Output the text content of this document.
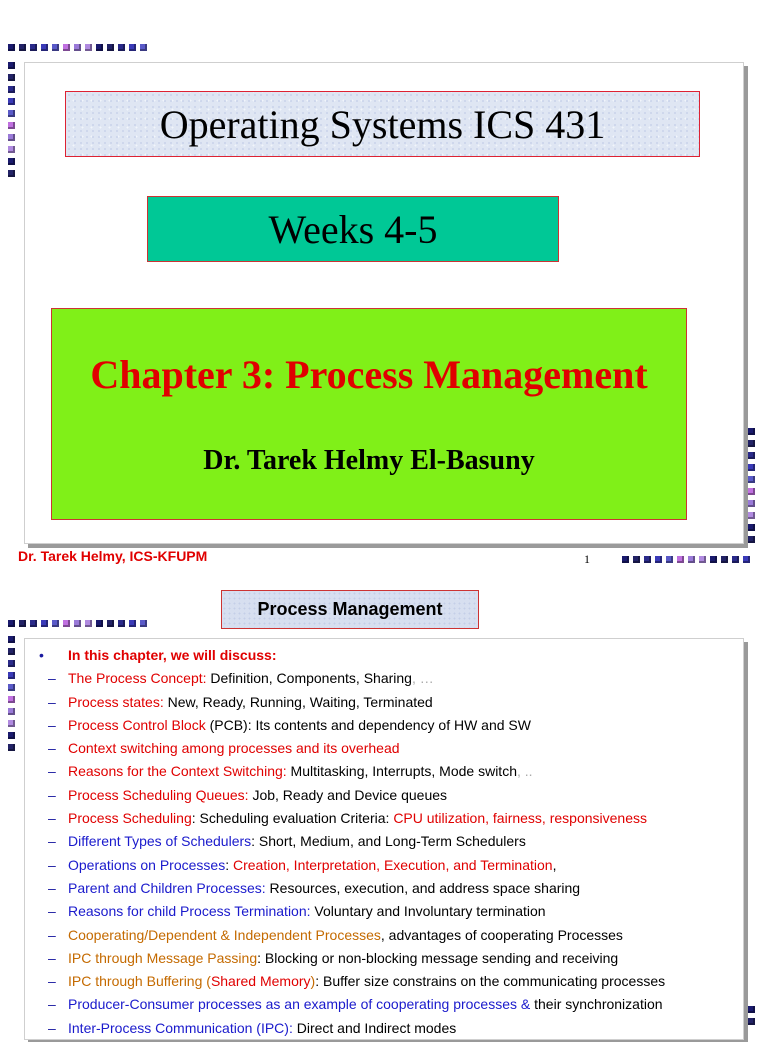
Operating Systems ICS 431
Weeks 4-5
Chapter 3: Process Management
Dr. Tarek Helmy El-Basuny
Dr. Tarek Helmy, ICS-KFUPM	1
Process Management
• In this chapter, we will discuss:
– The Process Concept: Definition, Components, Sharing, …
– Process states: New, Ready, Running, Waiting, Terminated
– Process Control Block (PCB): Its contents and dependency of HW and SW
– Context switching among processes and its overhead
– Reasons for the Context Switching: Multitasking, Interrupts, Mode switch, ..
– Process Scheduling Queues: Job, Ready and Device queues
– Process Scheduling: Scheduling evaluation Criteria: CPU utilization, fairness, responsiveness
– Different Types of Schedulers: Short, Medium, and Long-Term Schedulers
– Operations on Processes: Creation, Interpretation, Execution, and Termination,
– Parent and Children Processes: Resources, execution, and address space sharing
– Reasons for child Process Termination: Voluntary and Involuntary termination
– Cooperating/Dependent & Independent Processes, advantages of cooperating Processes
– IPC through Message Passing: Blocking or non-blocking message sending and receiving
– IPC through Buffering (Shared Memory): Buffer size constrains on the communicating processes
– Producer-Consumer processes as an example of cooperating processes & their synchronization
– Inter-Process Communication (IPC): Direct and Indirect modes
